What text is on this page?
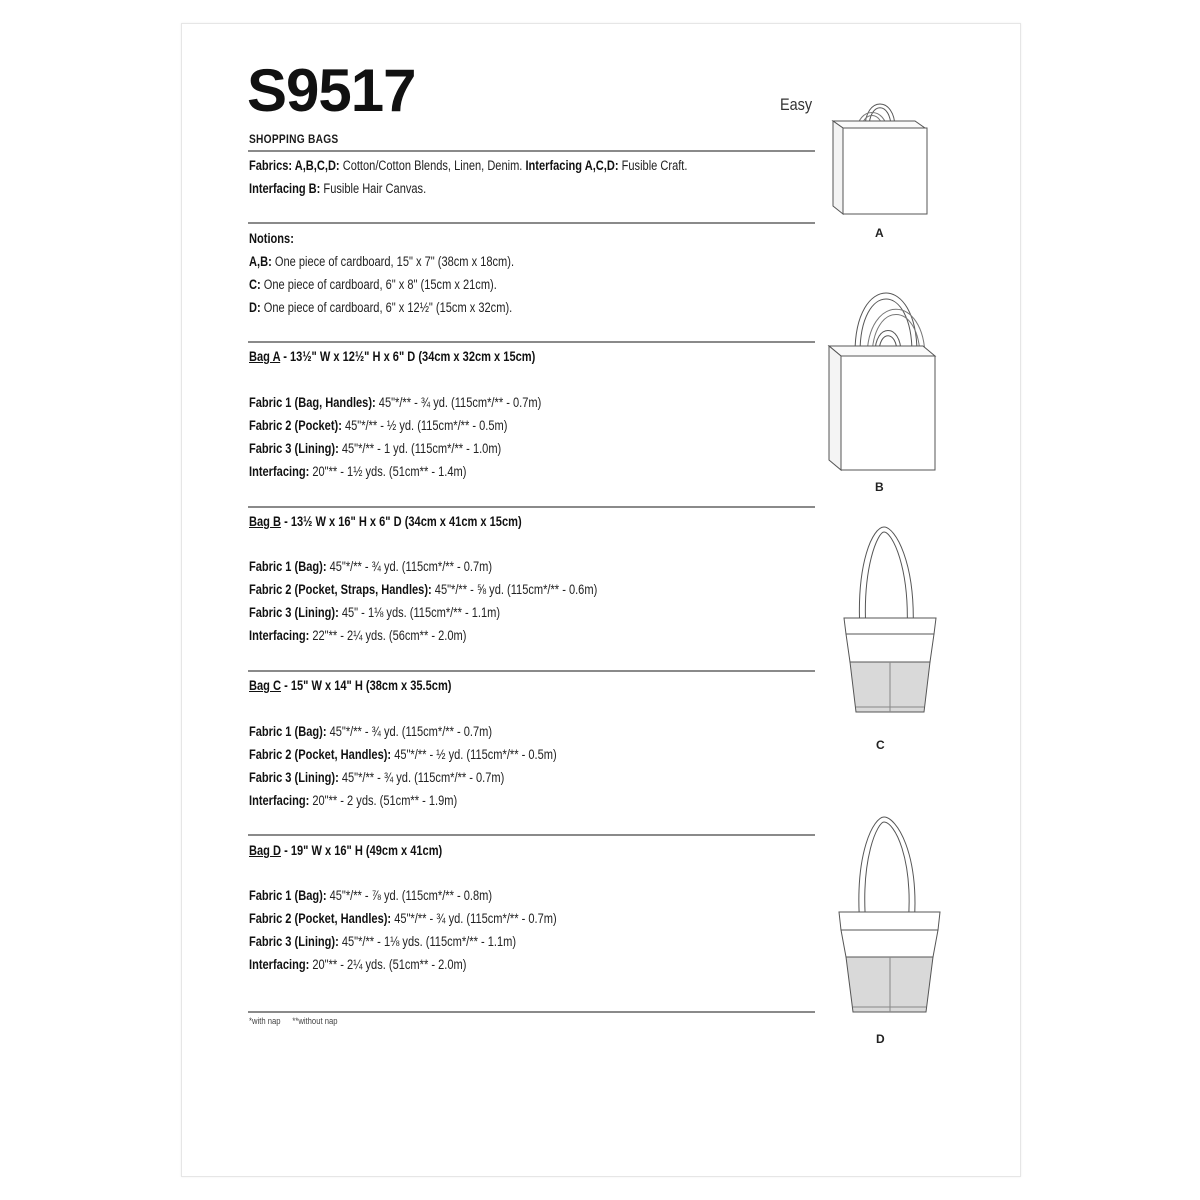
S9517	Easy
SHOPPING BAGS
Fabrics: A,B,C,D: Cotton/Cotton Blends, Linen, Denim. Interfacing A,C,D: Fusible Craft.
Interfacing B: Fusible Hair Canvas.
Notions:
A,B: One piece of cardboard, 15" x 7" (38cm x 18cm).
C: One piece of cardboard, 6" x 8" (15cm x 21cm).
D: One piece of cardboard, 6" x 12½" (15cm x 32cm).
Bag A - 13½" W x 12½" H x 6" D (34cm x 32cm x 15cm)
Fabric 1 (Bag, Handles): 45"*/** - ¾ yd. (115cm*/** - 0.7m)
Fabric 2 (Pocket): 45"*/** - ½ yd. (115cm*/** - 0.5m)
Fabric 3 (Lining): 45"*/** - 1 yd. (115cm*/** - 1.0m)
Interfacing: 20"** - 1½ yds. (51cm** - 1.4m)
Bag B - 13½ W x 16" H x 6" D (34cm x 41cm x 15cm)
Fabric 1 (Bag): 45"*/** - ¾ yd. (115cm*/** - 0.7m)
Fabric 2 (Pocket, Straps, Handles): 45"*/** - ⅝ yd. (115cm*/** - 0.6m)
Fabric 3 (Lining): 45" - 1⅛ yds. (115cm*/** - 1.1m)
Interfacing: 22"** - 2¼ yds. (56cm** - 2.0m)
Bag C - 15" W x 14" H (38cm x 35.5cm)
Fabric 1 (Bag): 45"*/** - ¾ yd. (115cm*/** - 0.7m)
Fabric 2 (Pocket, Handles): 45"*/** - ½ yd. (115cm*/** - 0.5m)
Fabric 3 (Lining): 45"*/** - ¾ yd. (115cm*/** - 0.7m)
Interfacing: 20"** - 2 yds. (51cm** - 1.9m)
Bag D - 19" W x 16" H (49cm x 41cm)
Fabric 1 (Bag): 45"*/** - ⅞ yd. (115cm*/** - 0.8m)
Fabric 2 (Pocket, Handles): 45"*/** - ¾ yd. (115cm*/** - 0.7m)
Fabric 3 (Lining): 45"*/** - 1⅛ yds. (115cm*/** - 1.1m)
Interfacing: 20"** - 2¼ yds. (51cm** - 2.0m)
*with nap **without nap
A
B
C
D
